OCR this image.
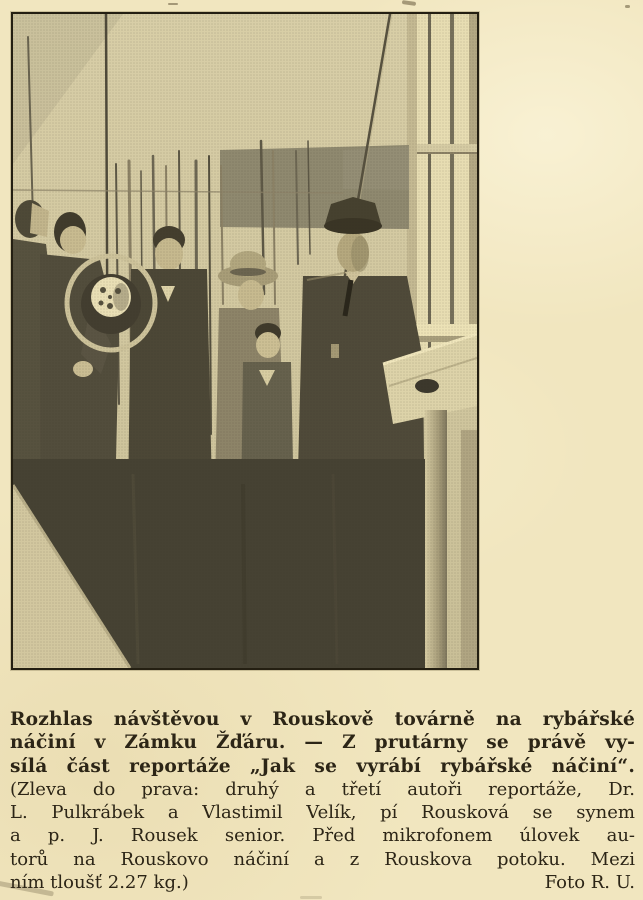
Rozhlas návštěvou v Rouskově továrně na rybářské
náčiní v Zámku Žďáru. — Z prutárny se právě vy-
sílá část reportáže „Jak se vyrábí rybářské náčiní“.
(Zleva do prava: druhý a třetí autoři reportáže, Dr.
L. Pulkrábek a Vlastimil Velík, pí Rousková se synem
a p. J. Rousek senior. Před mikrofonem úlovek au-
torů na Rouskovo náčiní a z Rouskova potoku. Mezi
ním tloušť 2.27 kg.)	Foto R. U.
